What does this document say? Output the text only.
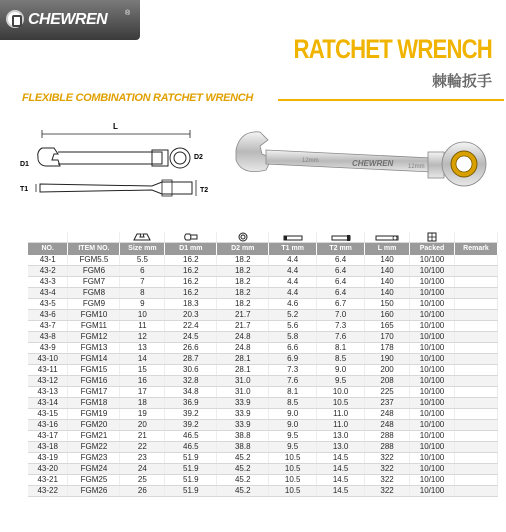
CHEWREN	®
RATCHET WRENCH
棘輪扳手
FLEXIBLE COMBINATION RATCHET WRENCH
L
D1
D2
T1	T2
CHEWREN
12mm
12mm

NO.	ITEM NO.	Size mm	D1 mm	D2 mm	T1 mm	T2 mm	L mm	Packed	Remark
43-1	FGM5.5	5.5	16.2	18.2	4.4	6.4	140	10/100	
43-2	FGM6	6	16.2	18.2	4.4	6.4	140	10/100	
43-3	FGM7	7	16.2	18.2	4.4	6.4	140	10/100	
43-4	FGM8	8	16.2	18.2	4.4	6.4	140	10/100	
43-5	FGM9	9	18.3	18.2	4.6	6.7	150	10/100	
43-6	FGM10	10	20.3	21.7	5.2	7.0	160	10/100	
43-7	FGM11	11	22.4	21.7	5.6	7.3	165	10/100	
43-8	FGM12	12	24.5	24.8	5.8	7.6	170	10/100	
43-9	FGM13	13	26.6	24.8	6.6	8.1	178	10/100	
43-10	FGM14	14	28.7	28.1	6.9	8.5	190	10/100	
43-11	FGM15	15	30.6	28.1	7.3	9.0	200	10/100	
43-12	FGM16	16	32.8	31.0	7.6	9.5	208	10/100	
43-13	FGM17	17	34.8	31.0	8.1	10.0	225	10/100	
43-14	FGM18	18	36.9	33.9	8.5	10.5	237	10/100	
43-15	FGM19	19	39.2	33.9	9.0	11.0	248	10/100	
43-16	FGM20	20	39.2	33.9	9.0	11.0	248	10/100	
43-17	FGM21	21	46.5	38.8	9.5	13.0	288	10/100	
43-18	FGM22	22	46.5	38.8	9.5	13.0	288	10/100	
43-19	FGM23	23	51.9	45.2	10.5	14.5	322	10/100	
43-20	FGM24	24	51.9	45.2	10.5	14.5	322	10/100	
43-21	FGM25	25	51.9	45.2	10.5	14.5	322	10/100	
43-22	FGM26	26	51.9	45.2	10.5	14.5	322	10/100	
